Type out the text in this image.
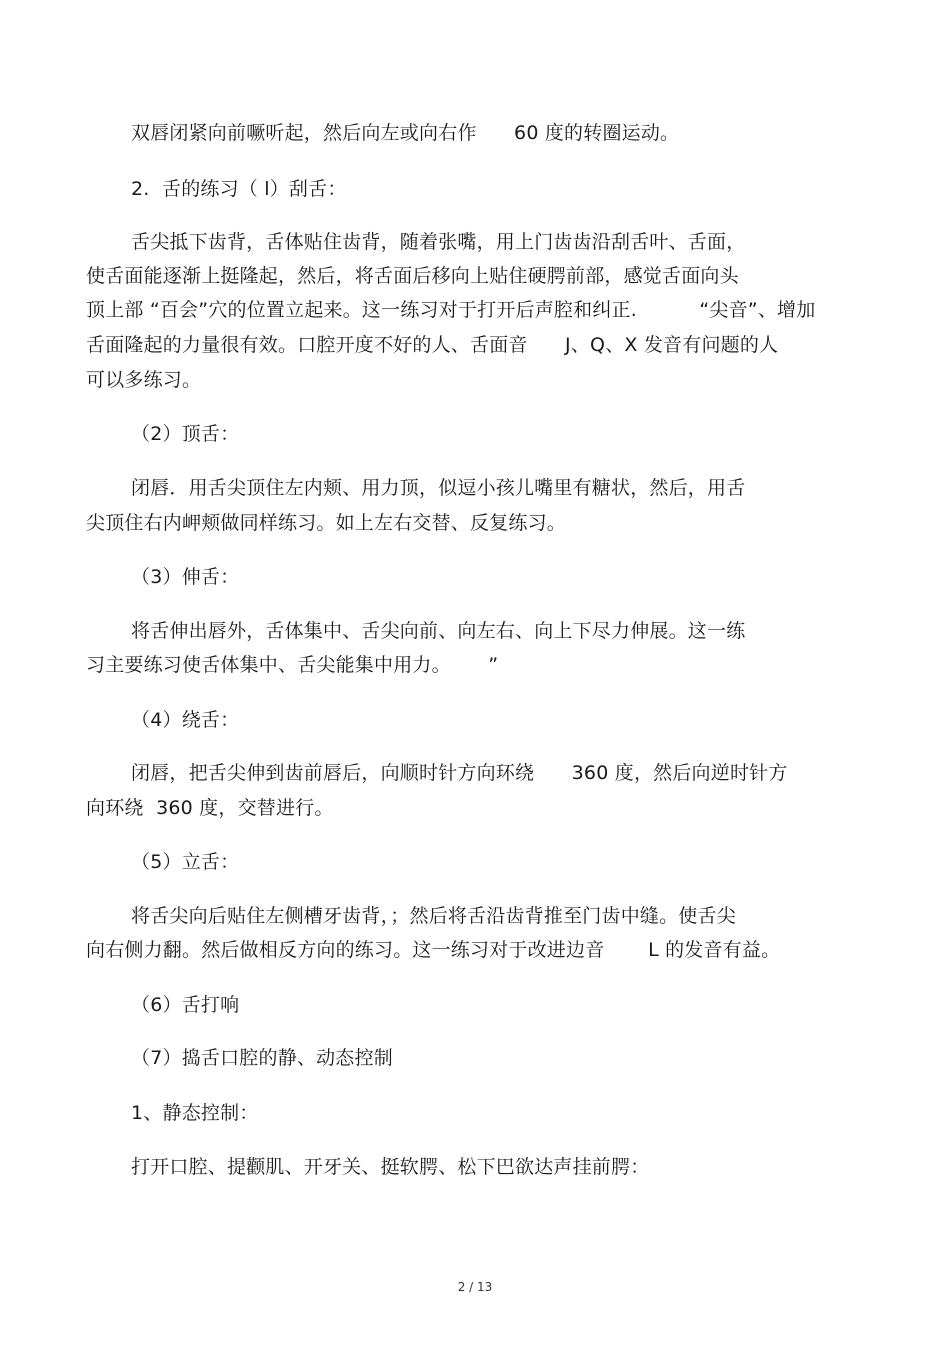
双唇闭紧向前噘听起，然后向左或向右作      60 度的转圈运动。
2.  舌的练习（ l）刮舌：
舌尖抵下齿背，舌体贴住齿背，随着张嘴，用上门齿齿沿刮舌叶、舌面，
使舌面能逐渐上挺隆起，然后，将舌面后移向上贴住硬腭前部，感觉舌面向头
顶上部 “百会”穴的位置立起来。这一练习对于打开后声腔和纠正.          “尖音”、增加
舌面隆起的力量很有效。口腔开度不好的人、舌面音      J、Q、X 发音有问题的人
可以多练习。
（2）顶舌：
闭唇．用舌尖顶住左内颊、用力顶，似逗小孩儿嘴里有糖状，然后，用舌
尖顶住右内岬颊做同样练习。如上左右交替、反复练习。
（3）伸舌：
将舌伸出唇外，舌体集中、舌尖向前、向左右、向上下尽力伸展。这一练
习主要练习使舌体集中、舌尖能集中用力。      ”
（4）绕舌：
闭唇，把舌尖伸到齿前唇后，向顺时针方向环绕      360 度，然后向逆时针方
向环绕  360 度，交替进行。
（5）立舌：
将舌尖向后贴住左侧槽牙齿背，；然后将舌沿齿背推至门齿中缝。使舌尖
向右侧力翻。然后做相反方向的练习。这一练习对于改进边音       L 的发音有益。
（6）舌打响
（7）捣舌口腔的静、动态控制
1、静态控制：
打开口腔、提颧肌、开牙关、挺软腭、松下巴欲达声挂前腭：
2 / 13
